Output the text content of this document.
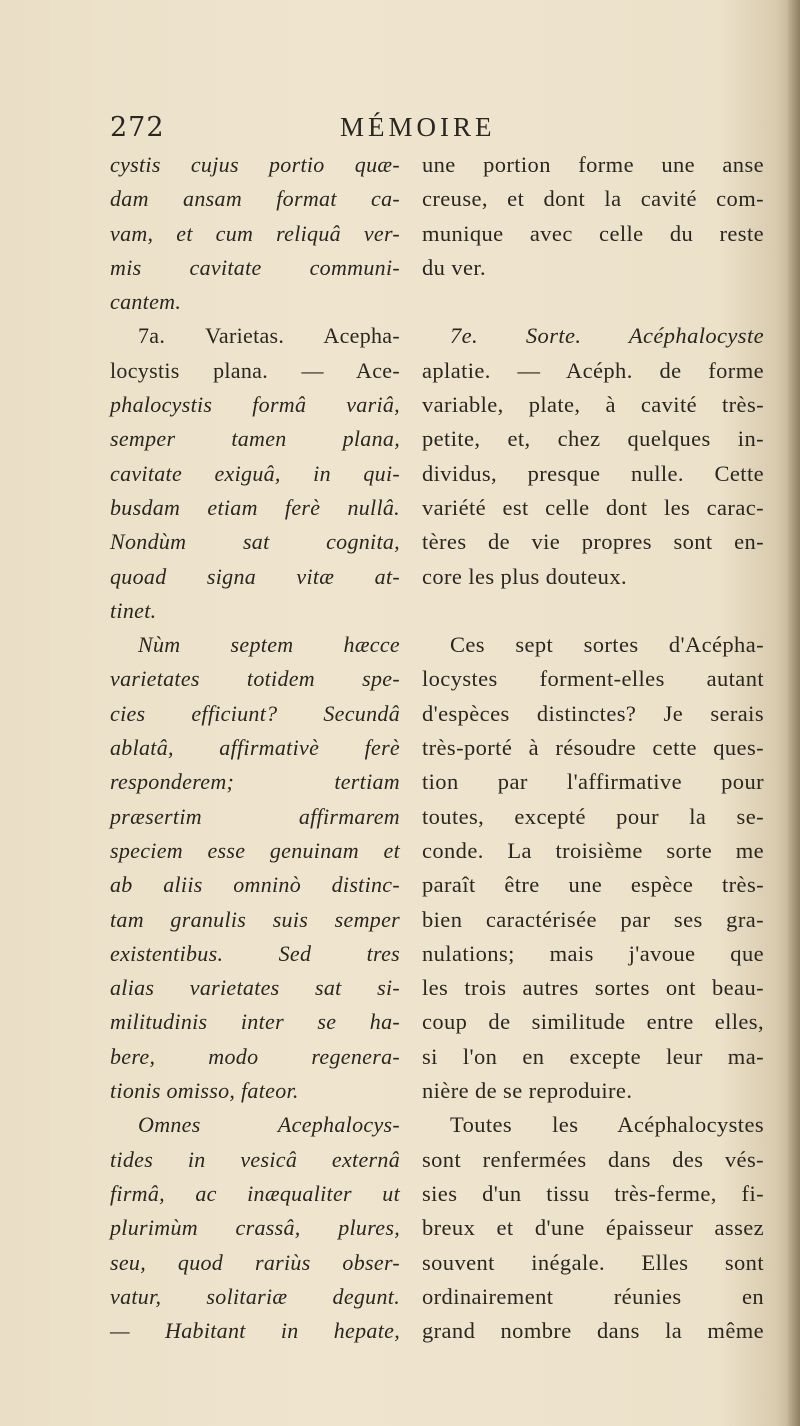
272	MÉMOIRE
cystis cujus portio quæ-
dam ansam format ca-
vam, et cum reliquâ ver-
mis cavitate communi-
cantem.
7a. Varietas. Acepha-
locystis plana. — Ace-
phalocystis formâ variâ,
semper tamen plana,
cavitate exiguâ, in qui-
busdam etiam ferè nullâ.
Nondùm sat cognita,
quoad signa vitæ at-
tinet.
Nùm septem hæcce
varietates totidem spe-
cies efficiunt? Secundâ
ablatâ, affirmativè ferè
responderem; tertiam
præsertim affirmarem
speciem esse genuinam et
ab aliis omninò distinc-
tam granulis suis semper
existentibus. Sed tres
alias varietates sat si-
militudinis inter se ha-
bere, modo regenera-
tionis omisso, fateor.
Omnes Acephalocys-
tides in vesicâ externâ
firmâ, ac inæqualiter ut
plurimùm crassâ, plures,
seu, quod rariùs obser-
vatur, solitariæ degunt.
— Habitant in hepate,
une portion forme une anse
creuse, et dont la cavité com-
munique avec celle du reste
du ver.
7e. Sorte. Acéphalocyste
aplatie. — Acéph. de forme
variable, plate, à cavité très-
petite, et, chez quelques in-
dividus, presque nulle. Cette
variété est celle dont les carac-
tères de vie propres sont en-
core les plus douteux.
Ces sept sortes d'Acépha-
locystes forment-elles autant
d'espèces distinctes? Je serais
très-porté à résoudre cette ques-
tion par l'affirmative pour
toutes, excepté pour la se-
conde. La troisième sorte me
paraît être une espèce très-
bien caractérisée par ses gra-
nulations; mais j'avoue que
les trois autres sortes ont beau-
coup de similitude entre elles,
si l'on en excepte leur ma-
nière de se reproduire.
Toutes les Acéphalocystes
sont renfermées dans des vés-
sies d'un tissu très-ferme, fi-
breux et d'une épaisseur assez
souvent inégale. Elles sont
ordinairement réunies en
grand nombre dans la même
